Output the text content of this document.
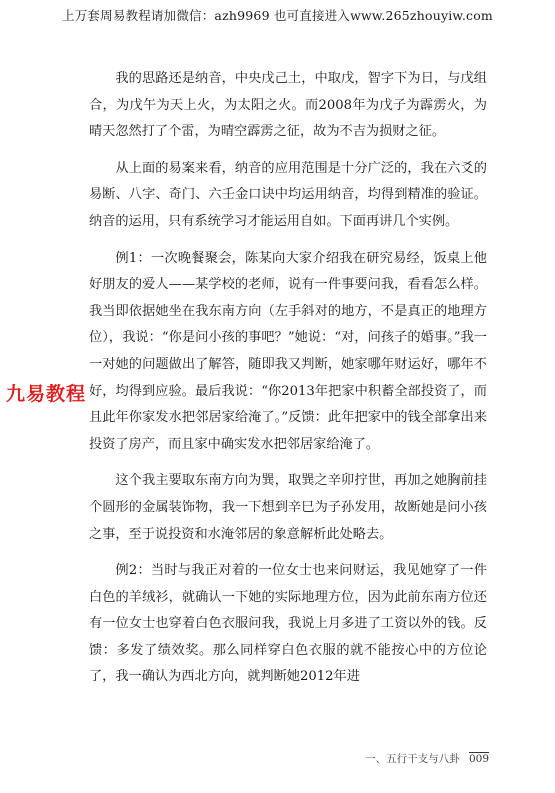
上万套周易教程请加微信：azh9969 也可直接进入www.265zhouyiw.com

我的思路还是纳音，中央戊己土，中取戊，智字下为日，与戊组合，为戊午为天上火，为太阳之火。而2008年为戊子为霹雳火，为晴天忽然打了个雷，为晴空霹雳之征，故为不吉为损财之征。

从上面的易案来看，纳音的应用范围是十分广泛的，我在六爻的易断、八字、奇门、六壬金口诀中均运用纳音，均得到精准的验证。纳音的运用，只有系统学习才能运用自如。下面再讲几个实例。

例1：一次晚餐聚会，陈某向大家介绍我在研究易经，饭桌上他好朋友的爱人——某学校的老师，说有一件事要问我，看看怎么样。我当即依据她坐在我东南方向（左手斜对的地方，不是真正的地理方位），我说：“你是问小孩的事吧？”她说：“对，问孩子的婚事。”我一一对她的问题做出了解答，随即我又判断，她家哪年财运好，哪年不好，均得到应验。最后我说：“你2013年把家中积蓄全部投资了，而且此年你家发水把邻居家给淹了。”反馈：此年把家中的钱全部拿出来投资了房产，而且家中确实发水把邻居家给淹了。

这个我主要取东南方向为巽，取巽之辛卯拧世，再加之她胸前挂个圆形的金属装饰物，我一下想到辛巳为子孙发用，故断她是问小孩之事，至于说投资和水淹邻居的象意解析此处略去。

例2：当时与我正对着的一位女士也来问财运，我见她穿了一件白色的羊绒衫，就确认一下她的实际地理方位，因为此前东南方位还有一位女士也穿着白色衣服问我，我说上月多进了工资以外的钱。反馈：多发了绩效奖。那么同样穿白色衣服的就不能按心中的方位论了，我一确认为西北方向，就判断她2012年进

九易教程
一、五行干支与八卦 009
